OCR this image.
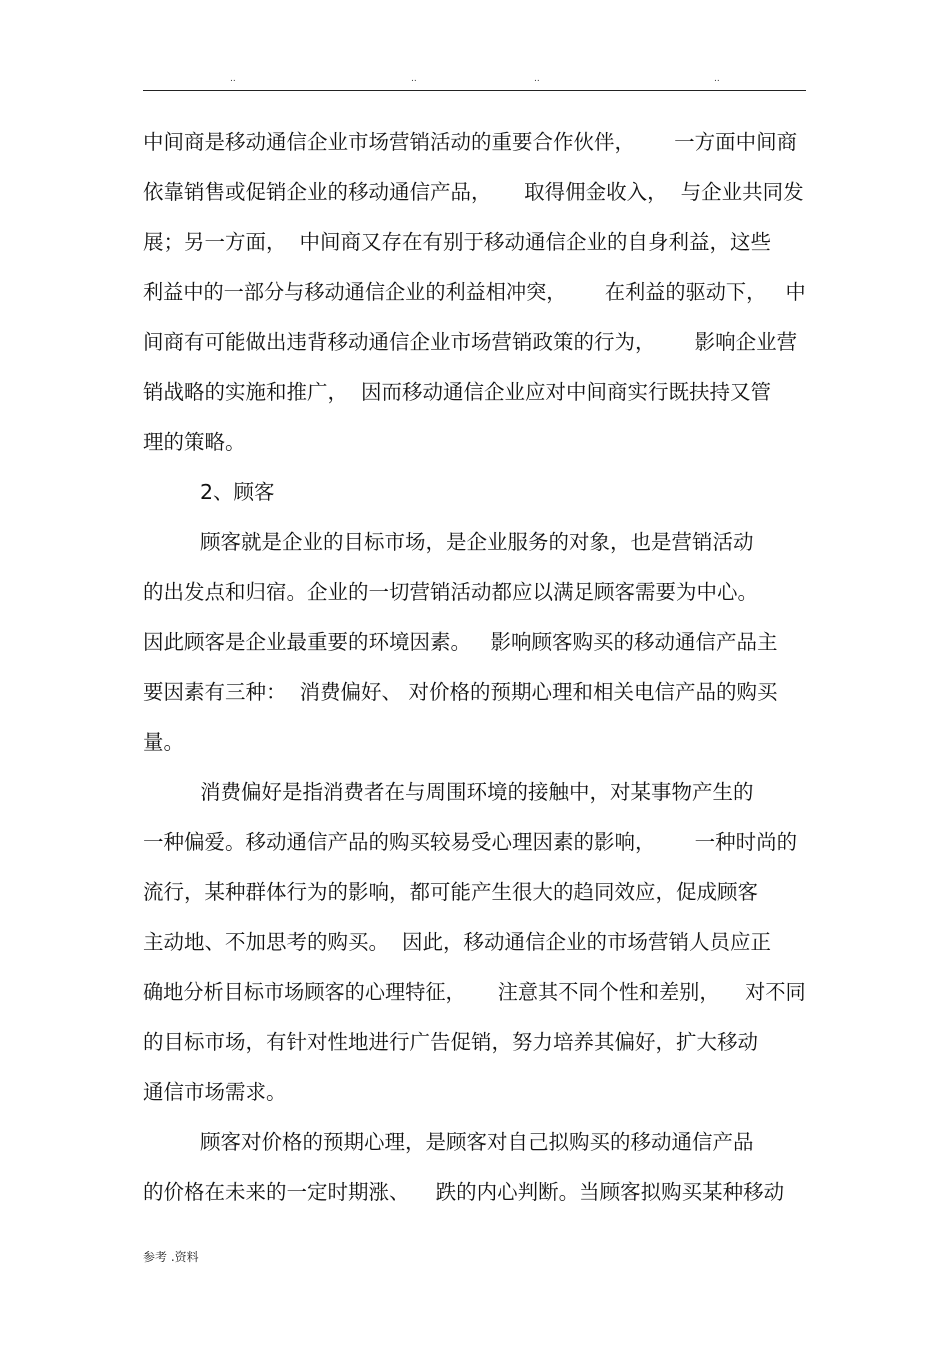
..	..	..	..
中间商是移动通信企业市场营销活动的重要合作伙伴，      一方面中间商
依靠销售或促销企业的移动通信产品，     取得佣金收入，  与企业共同发
展；另一方面，  中间商又存在有别于移动通信企业的自身利益，这些
利益中的一部分与移动通信企业的利益相冲突，      在利益的驱动下，   中
间商有可能做出违背移动通信企业市场营销政策的行为，      影响企业营
销战略的实施和推广，  因而移动通信企业应对中间商实行既扶持又管
理的策略。
2、顾客
顾客就是企业的目标市场，是企业服务的对象，也是营销活动
的出发点和归宿。企业的一切营销活动都应以满足顾客需要为中心。
因此顾客是企业最重要的环境因素。   影响顾客购买的移动通信产品主
要因素有三种：  消费偏好、 对价格的预期心理和相关电信产品的购买
量。
消费偏好是指消费者在与周围环境的接触中，对某事物产生的
一种偏爱。移动通信产品的购买较易受心理因素的影响，      一种时尚的
流行，某种群体行为的影响，都可能产生很大的趋同效应，促成顾客
主动地、不加思考的购买。  因此，移动通信企业的市场营销人员应正
确地分析目标市场顾客的心理特征，     注意其不同个性和差别，    对不同
的目标市场，有针对性地进行广告促销，努力培养其偏好，扩大移动
通信市场需求。
顾客对价格的预期心理，是顾客对自己拟购买的移动通信产品
的价格在未来的一定时期涨、    跌的内心判断。当顾客拟购买某种移动
参考 .资料
